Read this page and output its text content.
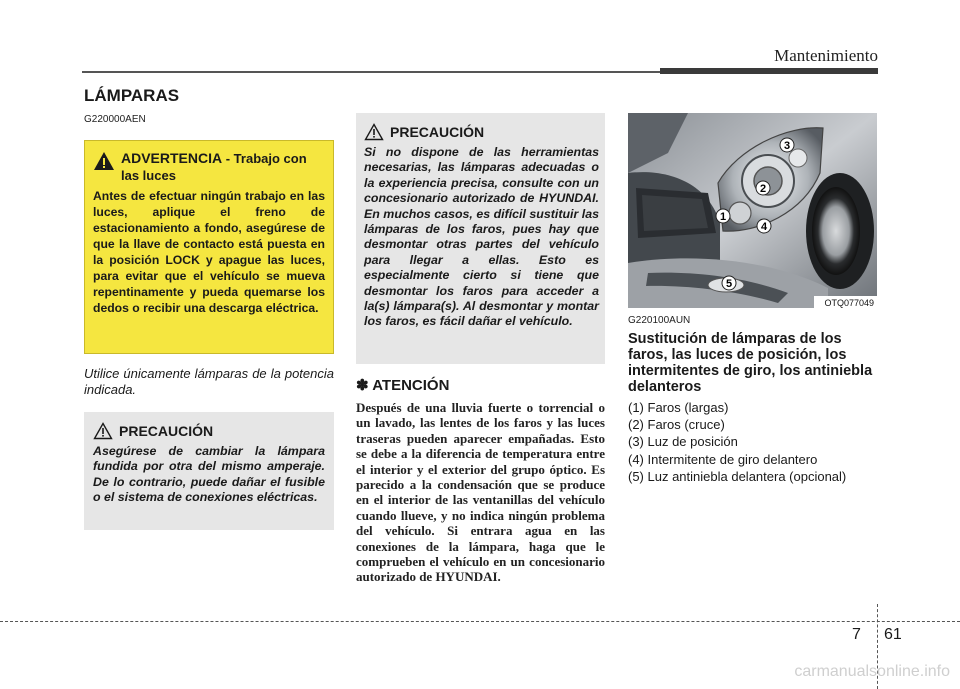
Mantenimiento
LÁMPARAS
G220000AEN
ADVERTENCIA - Trabajo con las luces
Antes de efectuar ningún trabajo en las luces, aplique el freno de estacionamiento a fondo, asegúrese de que la llave de contacto está puesta en la posición LOCK y apague las luces, para evitar que el vehículo se mueva repentinamente y pueda quemarse los dedos o recibir una descarga eléctrica.
Utilice únicamente lámparas de la potencia indicada.
PRECAUCIÓN
Asegúrese de cambiar la lámpara fundida por otra del mismo amperaje. De lo contrario, puede dañar el fusible o el sistema de conexiones eléctricas.
PRECAUCIÓN
Si no dispone de las herramientas necesarias, las lámparas adecuadas o la experiencia precisa, consulte con un concesionario autorizado de HYUNDAI. En muchos casos, es difícil sustituir las lámparas de los faros, pues hay que desmontar otras partes del vehículo para llegar a ellas. Esto es especialmente cierto si tiene que desmontar los faros para acceder a la(s) lámpara(s). Al desmontar y montar los faros, es fácil dañar el vehículo.
✽ ATENCIÓN
Después de una lluvia fuerte o torrencial o un lavado, las lentes de los faros y las luces traseras pueden aparecer empañadas. Esto se debe a la diferencia de temperatura entre el interior y el exterior del grupo óptico. Es parecido a la condensación que se produce en el interior de las ventanillas del vehículo cuando llueve, y no indica ningún problema del vehículo. Si entrara agua en las conexiones de la lámpara, haga que le comprueben el vehículo en un concesionario autorizado de HYUNDAI.
1
2
3
4
5
OTQ077049
G220100AUN
Sustitución de lámparas de los faros, las luces de posición, los intermitentes de giro, los antiniebla delanteros
(1) Faros (largas)
(2) Faros (cruce)
(3) Luz de posición
(4) Intermitente de giro delantero
(5) Luz antiniebla delantera (opcional)
7 61
carmanualsonline.info
